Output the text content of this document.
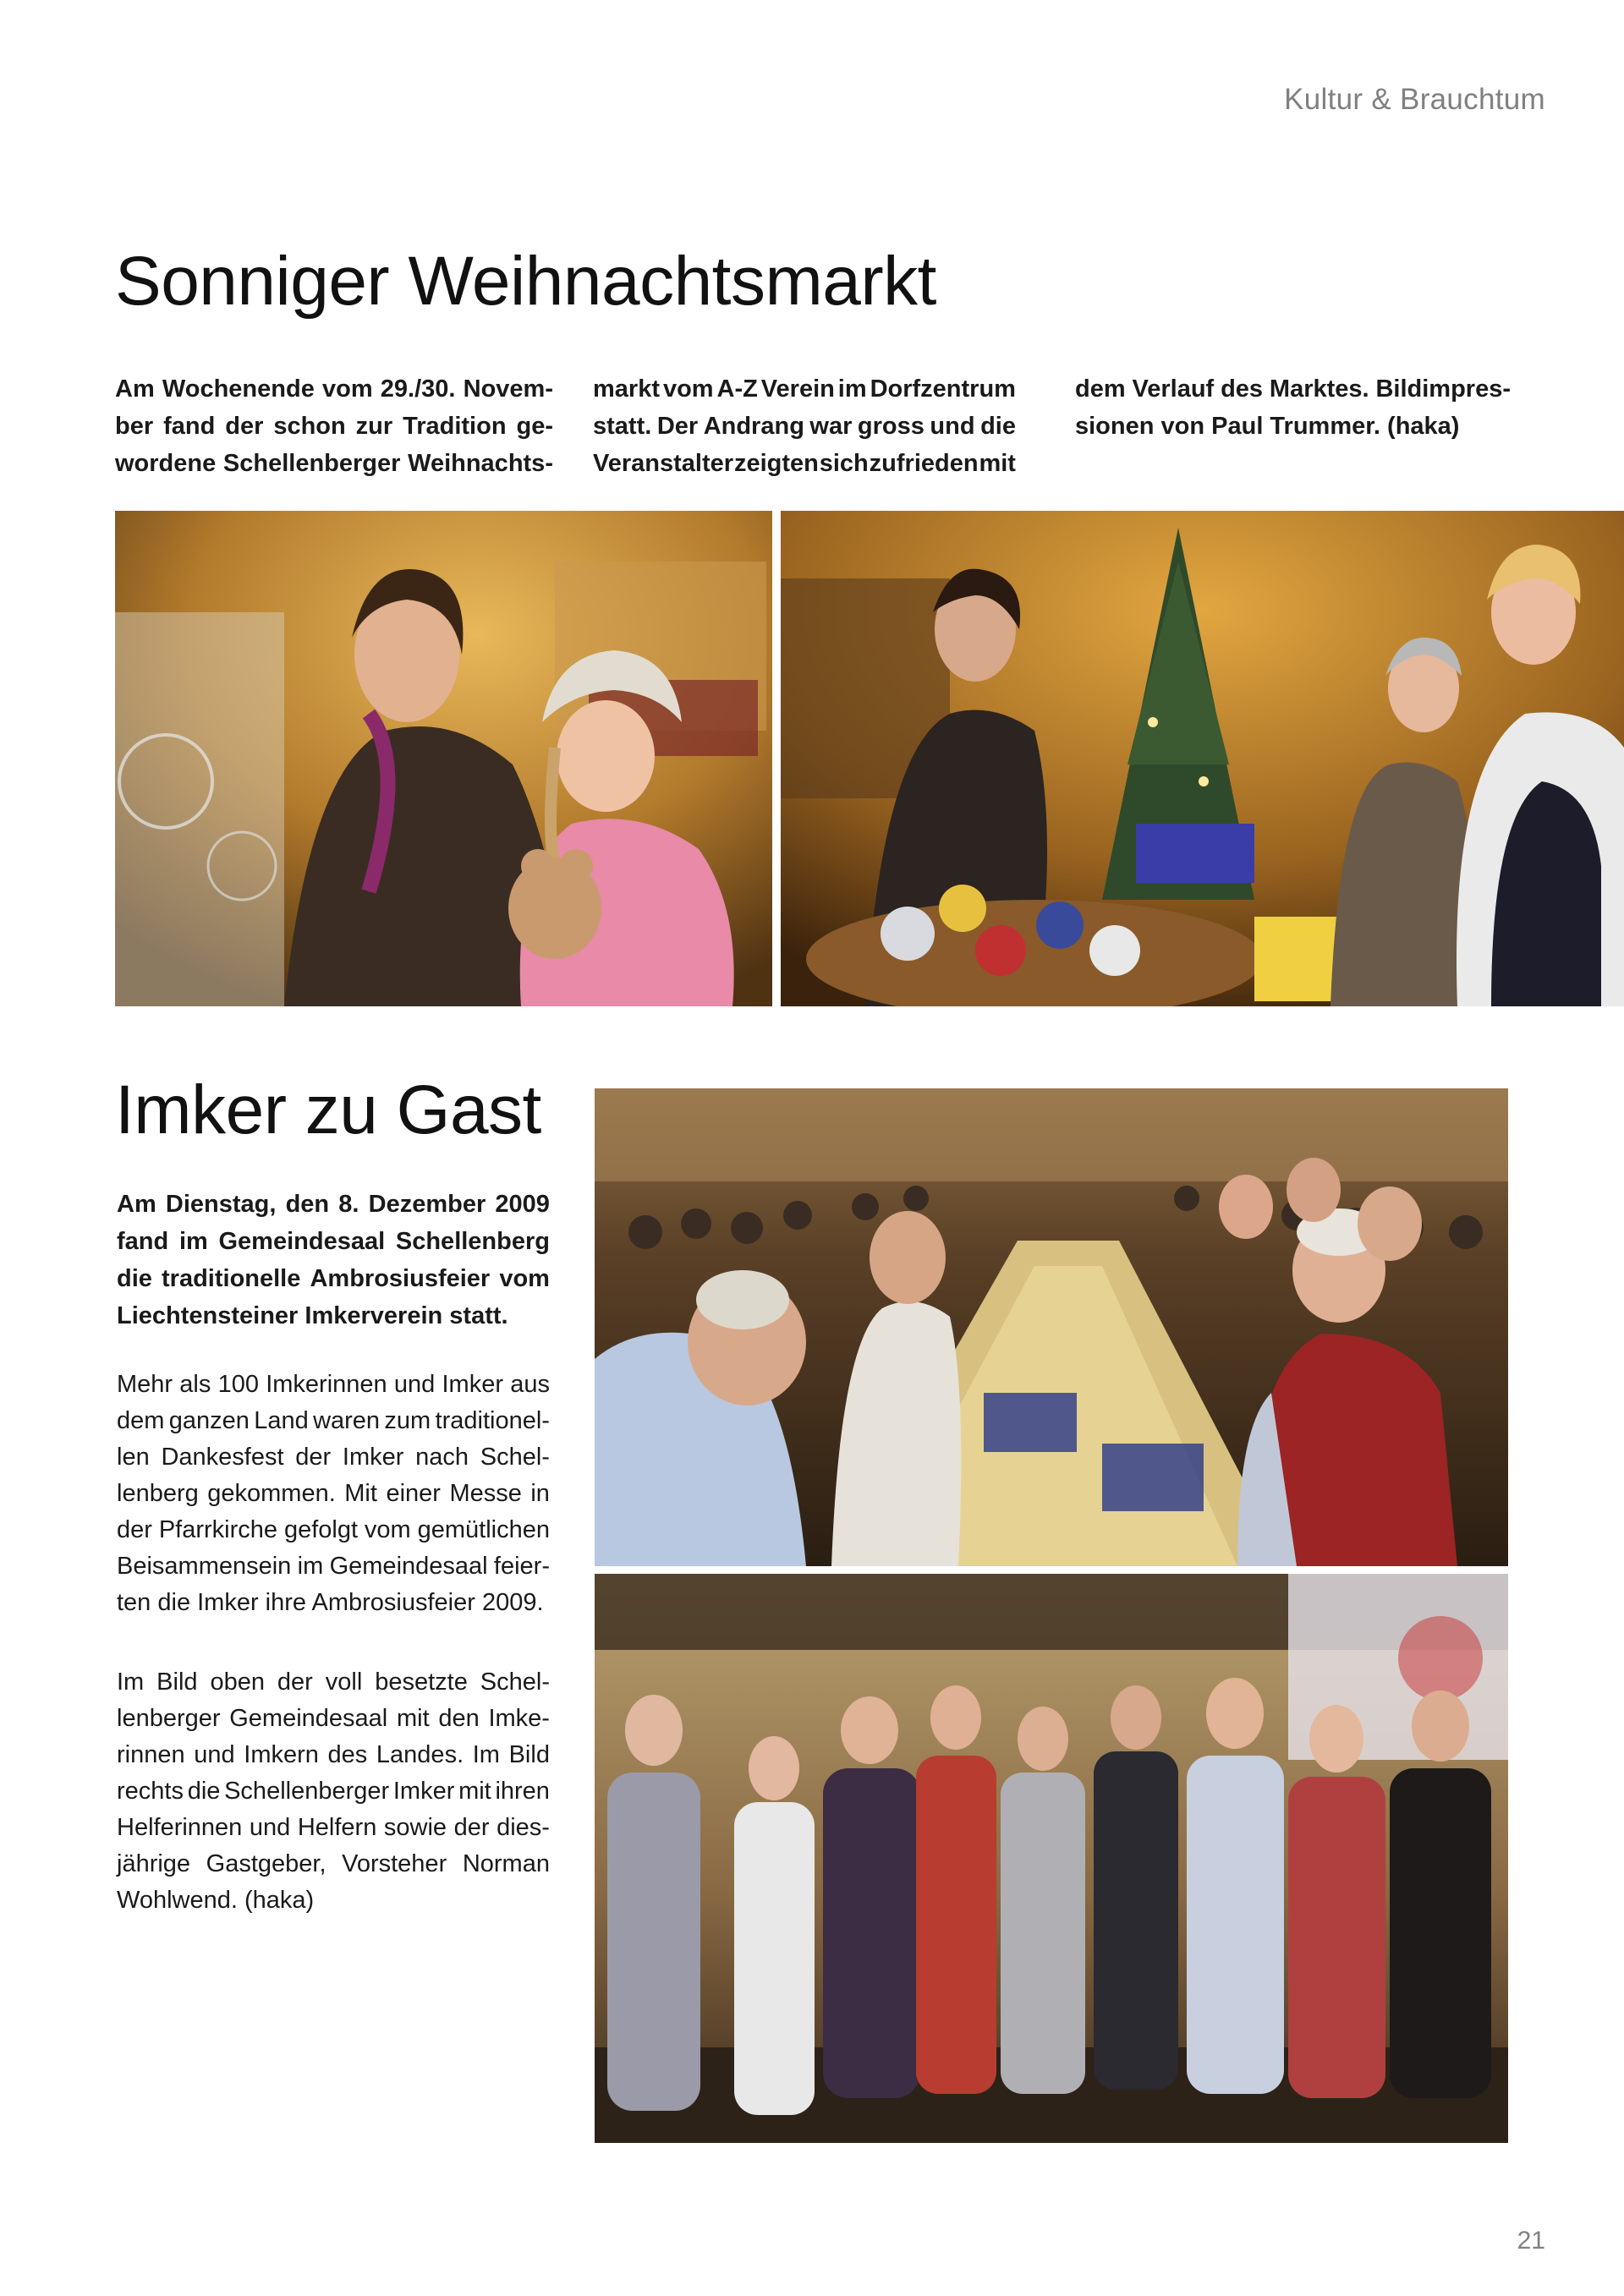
Kultur & Brauchtum
Sonniger Weihnachtsmarkt
Am Wochenende vom 29./30. Novem-
ber fand der schon zur Tradition ge-
wordene Schellenberger Weihnachts-
markt vom A-Z Verein im Dorfzentrum
statt. Der Andrang war gross und die
Veranstalter zeigten sich zufrieden mit
dem Verlauf des Marktes. Bildimpres-
sionen von Paul Trummer. (haka)
Imker zu Gast
Am Dienstag, den 8. Dezember 2009
fand im Gemeindesaal Schellenberg
die traditionelle Ambrosiusfeier vom
Liechtensteiner Imkerverein statt.
Mehr als 100 Imkerinnen und Imker aus
dem ganzen Land waren zum traditionel-
len Dankesfest der Imker nach Schel-
lenberg gekommen. Mit einer Messe in
der Pfarrkirche gefolgt vom gemütlichen
Beisammensein im Gemeindesaal feier-
ten die Imker ihre Ambrosiusfeier 2009.
Im Bild oben der voll besetzte Schel-
lenberger Gemeindesaal mit den Imke-
rinnen und Imkern des Landes. Im Bild
rechts die Schellenberger Imker mit ihren
Helferinnen und Helfern sowie der dies-
jährige Gastgeber, Vorsteher Norman
Wohlwend. (haka)
21
